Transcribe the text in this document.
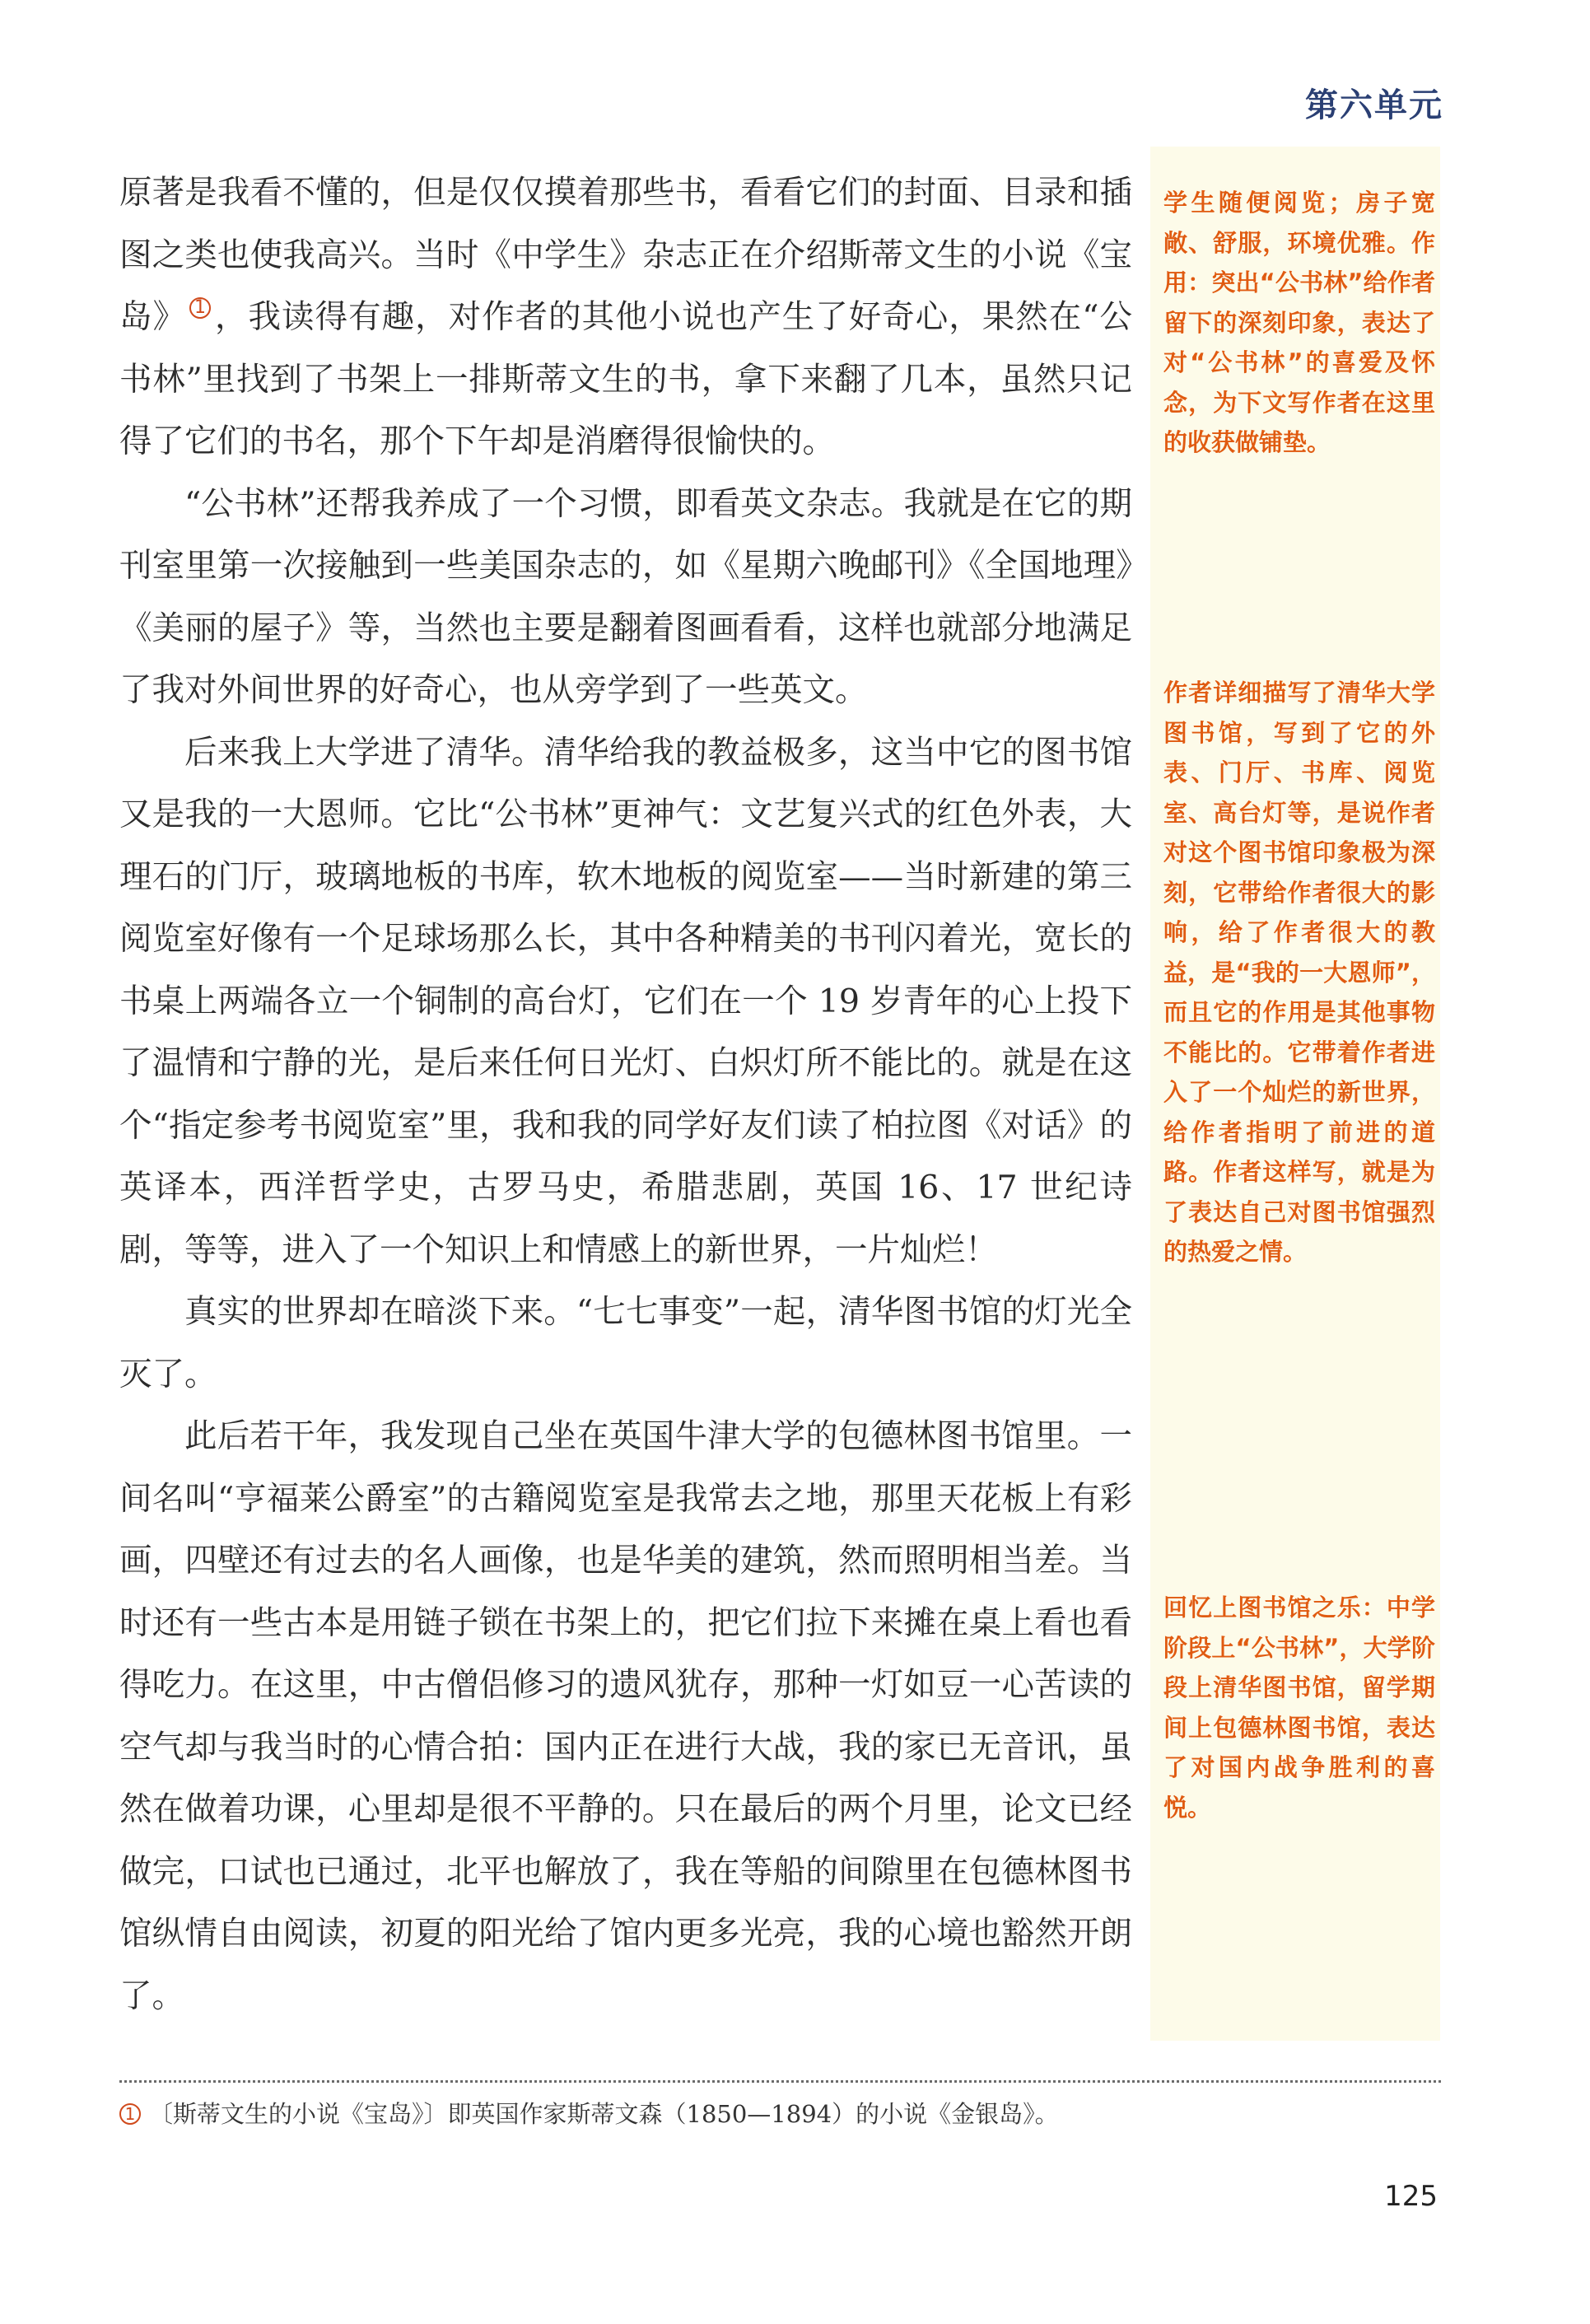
第六单元

原著是我看不懂的，但是仅仅摸着那些书，看看它们的封面、目录和插图之类也使我高兴。当时《中学生》杂志正在介绍斯蒂文生的小说《宝岛》 1 ，我读得有趣，对作者的其他小说也产生了好奇心，果然在“公书林”里找到了书架上一排斯蒂文生的书，拿下来翻了几本，虽然只记得了它们的书名，那个下午却是消磨得很愉快的。

“公书林”还帮我养成了一个习惯，即看英文杂志。我就是在它的期刊室里第一次接触到一些美国杂志的，如《星期六晚邮刊》《全国地理》《美丽的屋子》等，当然也主要是翻着图画看看，这样也就部分地满足了我对外间世界的好奇心，也从旁学到了一些英文。

后来我上大学进了清华。清华给我的教益极多，这当中它的图书馆又是我的一大恩师。它比“公书林”更神气：文艺复兴式的红色外表，大理石的门厅，玻璃地板的书库，软木地板的阅览室——当时新建的第三阅览室好像有一个足球场那么长，其中各种精美的书刊闪着光，宽长的书桌上两端各立一个铜制的高台灯，它们在一个 19 岁青年的心上投下了温情和宁静的光，是后来任何日光灯、白炽灯所不能比的。就是在这个“指定参考书阅览室”里，我和我的同学好友们读了柏拉图《对话》的英译本，西洋哲学史，古罗马史，希腊悲剧，英国 16、17 世纪诗剧，等等，进入了一个知识上和情感上的新世界，一片灿烂！

真实的世界却在暗淡下来。“七七事变”一起，清华图书馆的灯光全灭了。

此后若干年，我发现自己坐在英国牛津大学的包德林图书馆里。一间名叫“亨福莱公爵室”的古籍阅览室是我常去之地，那里天花板上有彩画，四壁还有过去的名人画像，也是华美的建筑，然而照明相当差。当时还有一些古本是用链子锁在书架上的，把它们拉下来摊在桌上看也看得吃力。在这里，中古僧侣修习的遗风犹存，那种一灯如豆一心苦读的空气却与我当时的心情合拍：国内正在进行大战，我的家已无音讯，虽然在做着功课，心里却是很不平静的。只在最后的两个月里，论文已经做完，口试也已通过，北平也解放了，我在等船的间隙里在包德林图书馆纵情自由阅读，初夏的阳光给了馆内更多光亮，我的心境也豁然开朗了。

学生随便阅览；房子宽敞、舒服，环境优雅。作用：突出“公书林”给作者留下的深刻印象，表达了对“公书林”的喜爱及怀念，为下文写作者在这里的收获做铺垫。
作者详细描写了清华大学图书馆，写到了它的外表、门厅、书库、阅览室、高台灯等，是说作者对这个图书馆印象极为深刻，它带给作者很大的影响，给了作者很大的教益，是“我的一大恩师”，而且它的作用是其他事物不能比的。它带着作者进入了一个灿烂的新世界，给作者指明了前进的道路。作者这样写，就是为了表达自己对图书馆强烈的热爱之情。
回忆上图书馆之乐：中学阶段上“公书林”，大学阶段上清华图书馆，留学期间上包德林图书馆，表达了对国内战争胜利的喜悦。
1 〔斯蒂文生的小说《宝岛》〕即英国作家斯蒂文森（1850—1894）的小说《金银岛》。
125
